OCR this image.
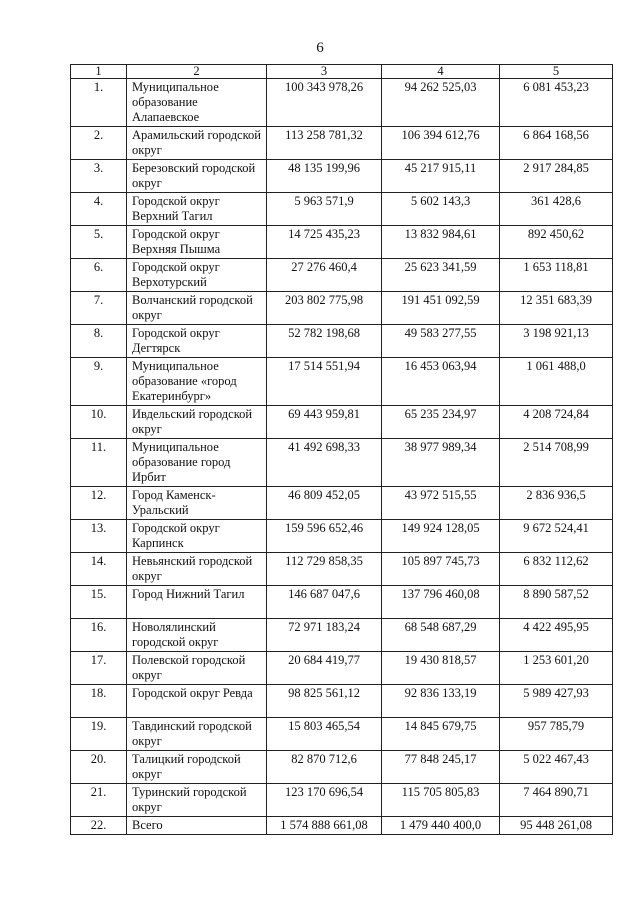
6
1	2	3	4	5
1.	Муниципальное образование Алапаевское	100 343 978,26	94 262 525,03	6 081 453,23
2.	Арамильский городской округ	113 258 781,32	106 394 612,76	6 864 168,56
3.	Березовский городской округ	48 135 199,96	45 217 915,11	2 917 284,85
4.	Городской округ Верхний Тагил	5 963 571,9	5 602 143,3	361 428,6
5.	Городской округ Верхняя Пышма	14 725 435,23	13 832 984,61	892 450,62
6.	Городской округ Верхотурский	27 276 460,4	25 623 341,59	1 653 118,81
7.	Волчанский городской округ	203 802 775,98	191 451 092,59	12 351 683,39
8.	Городской округ Дегтярск	52 782 198,68	49 583 277,55	3 198 921,13
9.	Муниципальное образование «город Екатеринбург»	17 514 551,94	16 453 063,94	1 061 488,0
10.	Ивдельский городской округ	69 443 959,81	65 235 234,97	4 208 724,84
11.	Муниципальное образование город Ирбит	41 492 698,33	38 977 989,34	2 514 708,99
12.	Город Каменск-Уральский	46 809 452,05	43 972 515,55	2 836 936,5
13.	Городской округ Карпинск	159 596 652,46	149 924 128,05	9 672 524,41
14.	Невьянский городской округ	112 729 858,35	105 897 745,73	6 832 112,62
15.	Город Нижний Тагил	146 687 047,6	137 796 460,08	8 890 587,52
16.	Новолялинский городской округ	72 971 183,24	68 548 687,29	4 422 495,95
17.	Полевской городской округ	20 684 419,77	19 430 818,57	1 253 601,20
18.	Городской округ Ревда	98 825 561,12	92 836 133,19	5 989 427,93
19.	Тавдинский городской округ	15 803 465,54	14 845 679,75	957 785,79
20.	Талицкий городской округ	82 870 712,6	77 848 245,17	5 022 467,43
21.	Туринский городской округ	123 170 696,54	115 705 805,83	7 464 890,71
22.	Всего	1 574 888 661,08	1 479 440 400,0	95 448 261,08
